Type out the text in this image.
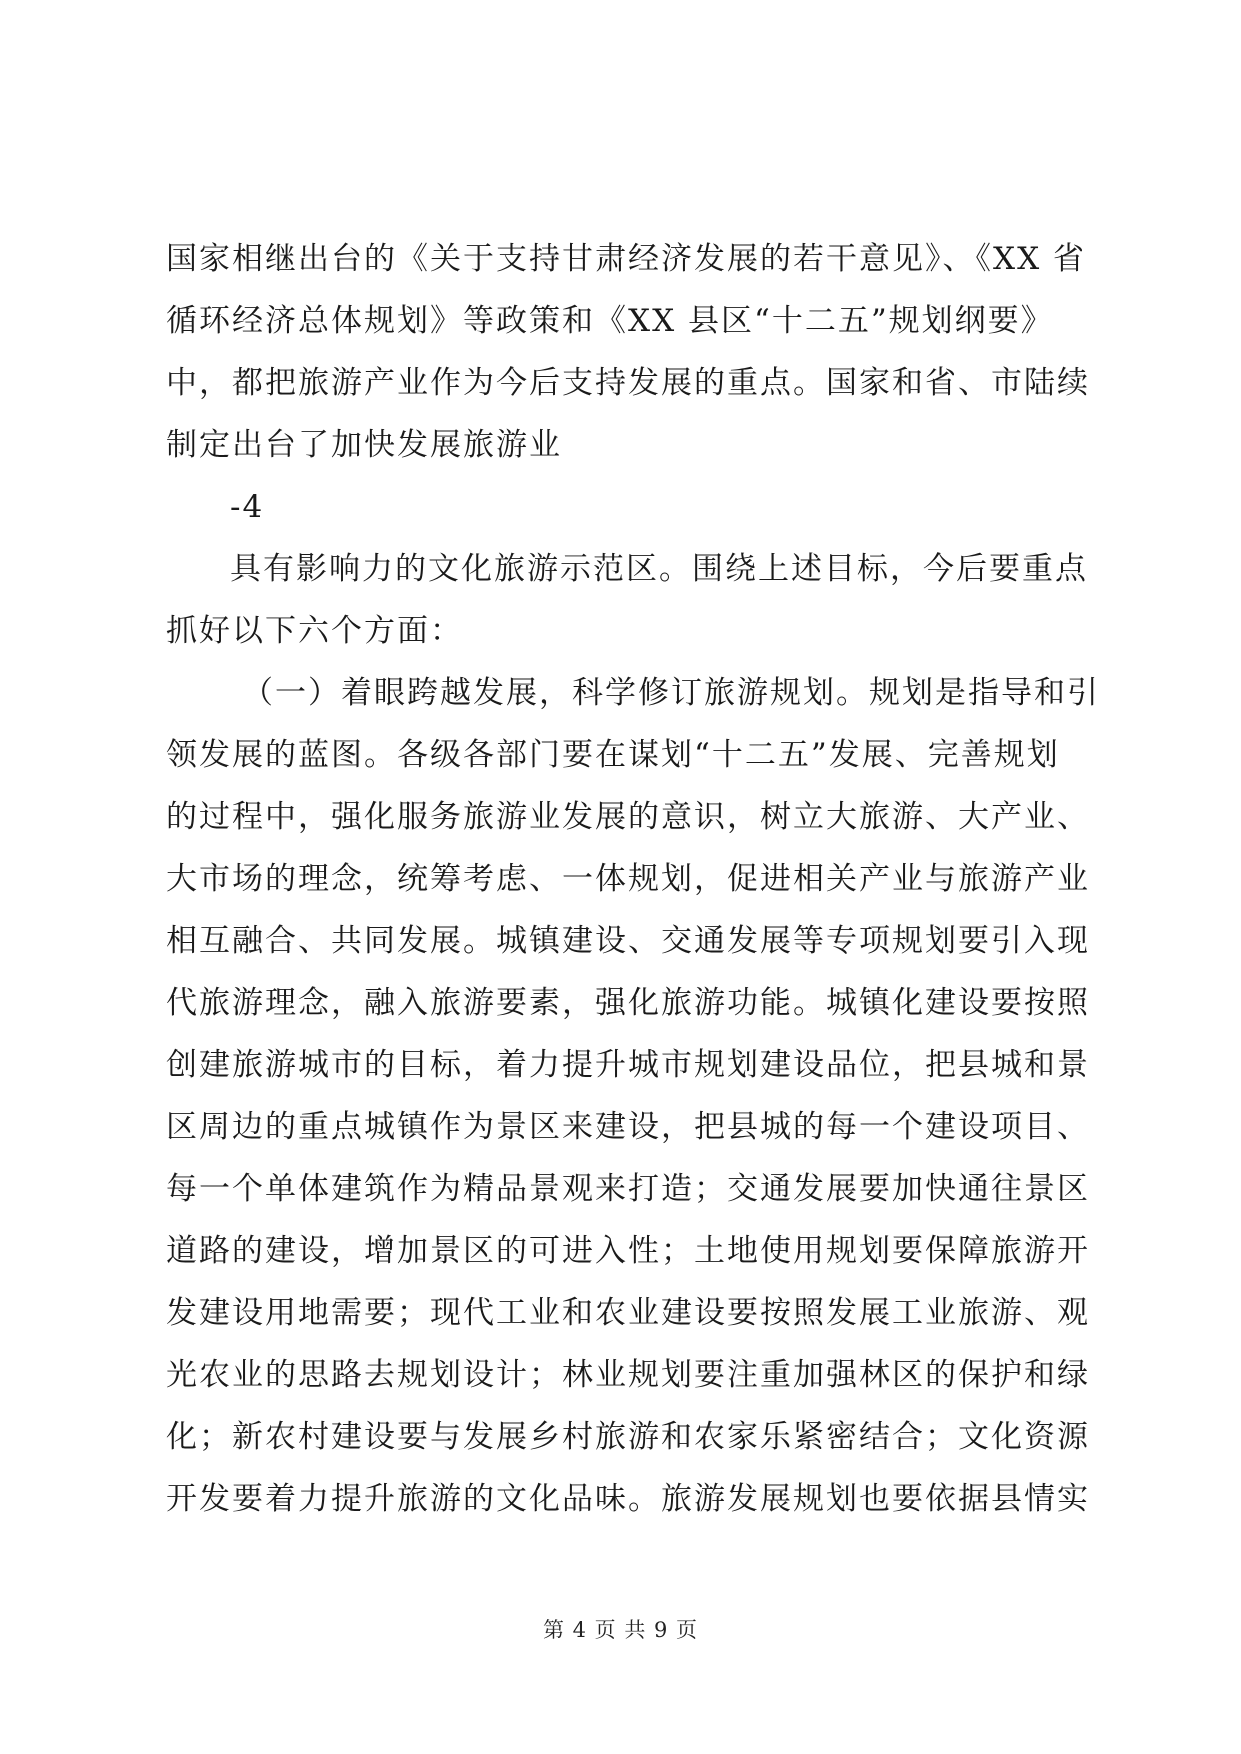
国家相继出台的《关于支持甘肃经济发展的若干意见》、《XX 省
循环经济总体规划》等政策和《XX 县区“十二五”规划纲要》
中，都把旅游产业作为今后支持发展的重点。国家和省、市陆续
制定出台了加快发展旅游业
-4
具有影响力的文化旅游示范区。围绕上述目标，今后要重点
抓好以下六个方面：
（一）着眼跨越发展，科学修订旅游规划。规划是指导和引
领发展的蓝图。各级各部门要在谋划“十二五”发展、完善规划
的过程中，强化服务旅游业发展的意识，树立大旅游、大产业、
大市场的理念，统筹考虑、一体规划，促进相关产业与旅游产业
相互融合、共同发展。城镇建设、交通发展等专项规划要引入现
代旅游理念，融入旅游要素，强化旅游功能。城镇化建设要按照
创建旅游城市的目标，着力提升城市规划建设品位，把县城和景
区周边的重点城镇作为景区来建设，把县城的每一个建设项目、
每一个单体建筑作为精品景观来打造；交通发展要加快通往景区
道路的建设，增加景区的可进入性；土地使用规划要保障旅游开
发建设用地需要；现代工业和农业建设要按照发展工业旅游、观
光农业的思路去规划设计；林业规划要注重加强林区的保护和绿
化；新农村建设要与发展乡村旅游和农家乐紧密结合；文化资源
开发要着力提升旅游的文化品味。旅游发展规划也要依据县情实
第 4 页 共 9 页
